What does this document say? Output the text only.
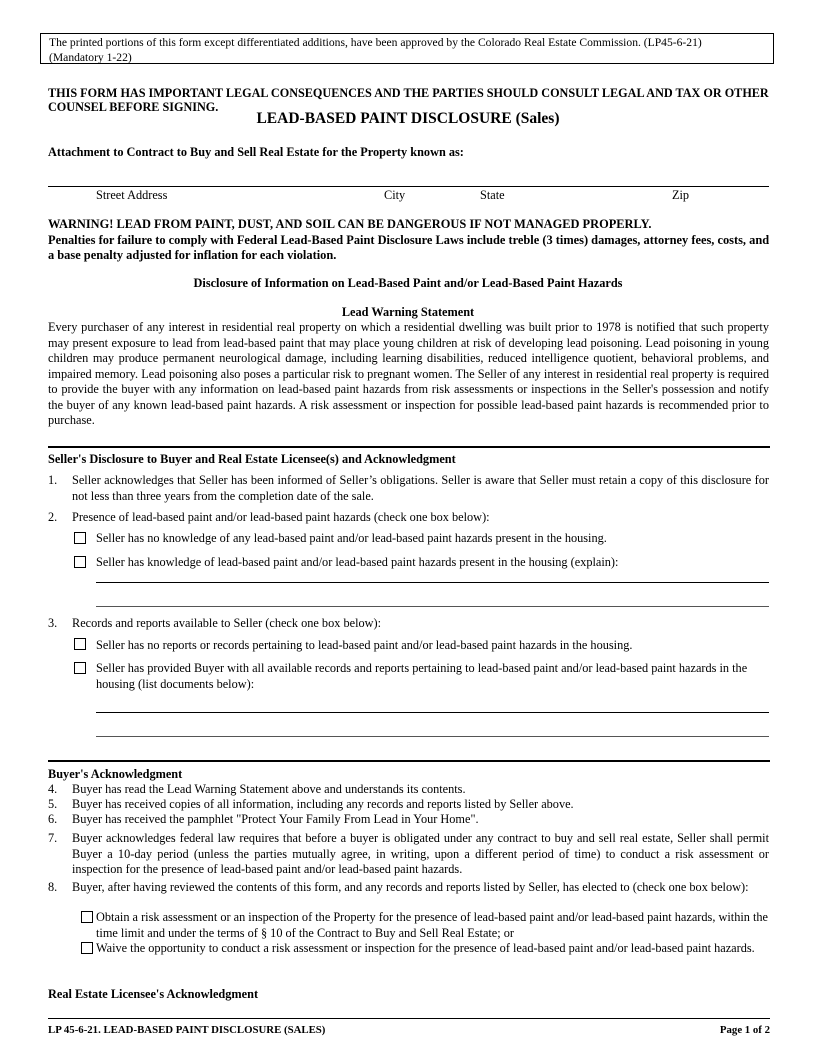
The printed portions of this form except differentiated additions, have been approved by the Colorado Real Estate Commission. (LP45-6-21)
(Mandatory 1-22)
THIS FORM HAS IMPORTANT LEGAL CONSEQUENCES AND THE PARTIES SHOULD CONSULT LEGAL AND TAX OR OTHER
COUNSEL BEFORE SIGNING.
LEAD-BASED PAINT DISCLOSURE (Sales)
Attachment to Contract to Buy and Sell Real Estate for the Property known as:
Street Address	City	State	Zip
WARNING! LEAD FROM PAINT, DUST, AND SOIL CAN BE DANGEROUS IF NOT MANAGED PROPERLY.
Penalties for failure to comply with Federal Lead-Based Paint Disclosure Laws include treble (3 times) damages, attorney fees, costs, and a base penalty adjusted for inflation for each violation.
Disclosure of Information on Lead-Based Paint and/or Lead-Based Paint Hazards
Lead Warning Statement
Every purchaser of any interest in residential real property on which a residential dwelling was built prior to 1978 is notified that such property may present exposure to lead from lead-based paint that may place young children at risk of developing lead poisoning. Lead poisoning in young children may produce permanent neurological damage, including learning disabilities, reduced intelligence quotient, behavioral problems, and impaired memory. Lead poisoning also poses a particular risk to pregnant women. The Seller of any interest in residential real property is required to provide the buyer with any information on lead-based paint hazards from risk assessments or inspections in the Seller's possession and notify the buyer of any known lead-based paint hazards. A risk assessment or inspection for possible lead-based paint hazards is recommended prior to purchase.
Seller's Disclosure to Buyer and Real Estate Licensee(s) and Acknowledgment
1. Seller acknowledges that Seller has been informed of Seller’s obligations. Seller is aware that Seller must retain a copy of this disclosure for not less than three years from the completion date of the sale.
2. Presence of lead-based paint and/or lead-based paint hazards (check one box below):
Seller has no knowledge of any lead-based paint and/or lead-based paint hazards present in the housing.
Seller has knowledge of lead-based paint and/or lead-based paint hazards present in the housing (explain):
3. Records and reports available to Seller (check one box below):
Seller has no reports or records pertaining to lead-based paint and/or lead-based paint hazards in the housing.
Seller has provided Buyer with all available records and reports pertaining to lead-based paint and/or lead-based paint hazards in the housing (list documents below):
Buyer's Acknowledgment
4. Buyer has read the Lead Warning Statement above and understands its contents.
5. Buyer has received copies of all information, including any records and reports listed by Seller above.
6. Buyer has received the pamphlet "Protect Your Family From Lead in Your Home".
7. Buyer acknowledges federal law requires that before a buyer is obligated under any contract to buy and sell real estate, Seller shall permit Buyer a 10-day period (unless the parties mutually agree, in writing, upon a different period of time) to conduct a risk assessment or inspection for the presence of lead-based paint and/or lead-based paint hazards.
8. Buyer, after having reviewed the contents of this form, and any records and reports listed by Seller, has elected to (check one box below):
Obtain a risk assessment or an inspection of the Property for the presence of lead-based paint and/or lead-based paint hazards, within the time limit and under the terms of § 10 of the Contract to Buy and Sell Real Estate; or
Waive the opportunity to conduct a risk assessment or inspection for the presence of lead-based paint and/or lead-based paint hazards.
Real Estate Licensee's Acknowledgment
LP 45-6-21. LEAD-BASED PAINT DISCLOSURE (SALES)	Page 1 of 2
